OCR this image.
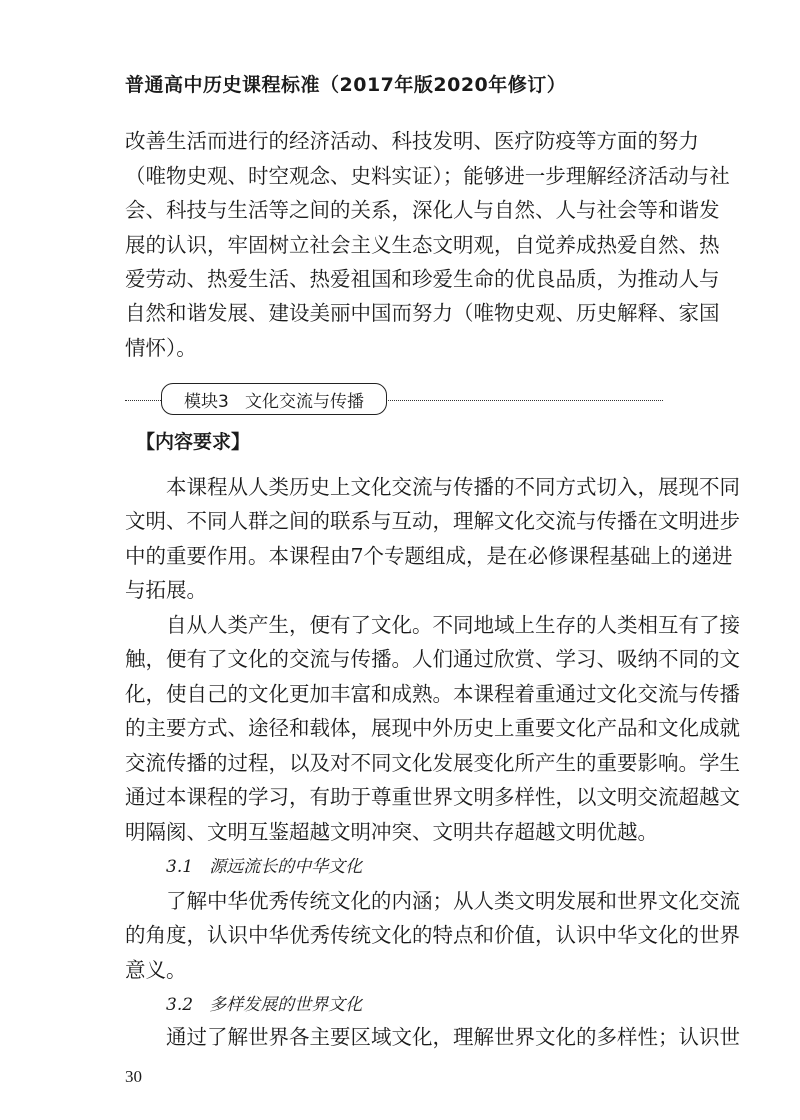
普通高中历史课程标准（2017年版2020年修订）
改善生活而进行的经济活动、科技发明、医疗防疫等方面的努力
（唯物史观、时空观念、史料实证）；能够进一步理解经济活动与社
会、科技与生活等之间的关系，深化人与自然、人与社会等和谐发
展的认识，牢固树立社会主义生态文明观，自觉养成热爱自然、热
爱劳动、热爱生活、热爱祖国和珍爱生命的优良品质，为推动人与
自然和谐发展、建设美丽中国而努力（唯物史观、历史解释、家国
情怀）。
模块3   文化交流与传播
【内容要求】
本课程从人类历史上文化交流与传播的不同方式切入，展现不同
文明、不同人群之间的联系与互动，理解文化交流与传播在文明进步
中的重要作用。本课程由7个专题组成，是在必修课程基础上的递进
与拓展。
自从人类产生，便有了文化。不同地域上生存的人类相互有了接
触，便有了文化的交流与传播。人们通过欣赏、学习、吸纳不同的文
化，使自己的文化更加丰富和成熟。本课程着重通过文化交流与传播
的主要方式、途径和载体，展现中外历史上重要文化产品和文化成就
交流传播的过程，以及对不同文化发展变化所产生的重要影响。学生
通过本课程的学习，有助于尊重世界文明多样性，以文明交流超越文
明隔阂、文明互鉴超越文明冲突、文明共存超越文明优越。
3.1   源远流长的中华文化
了解中华优秀传统文化的内涵；从人类文明发展和世界文化交流
的角度，认识中华优秀传统文化的特点和价值，认识中华文化的世界
意义。
3.2   多样发展的世界文化
通过了解世界各主要区域文化，理解世界文化的多样性；认识世
30
